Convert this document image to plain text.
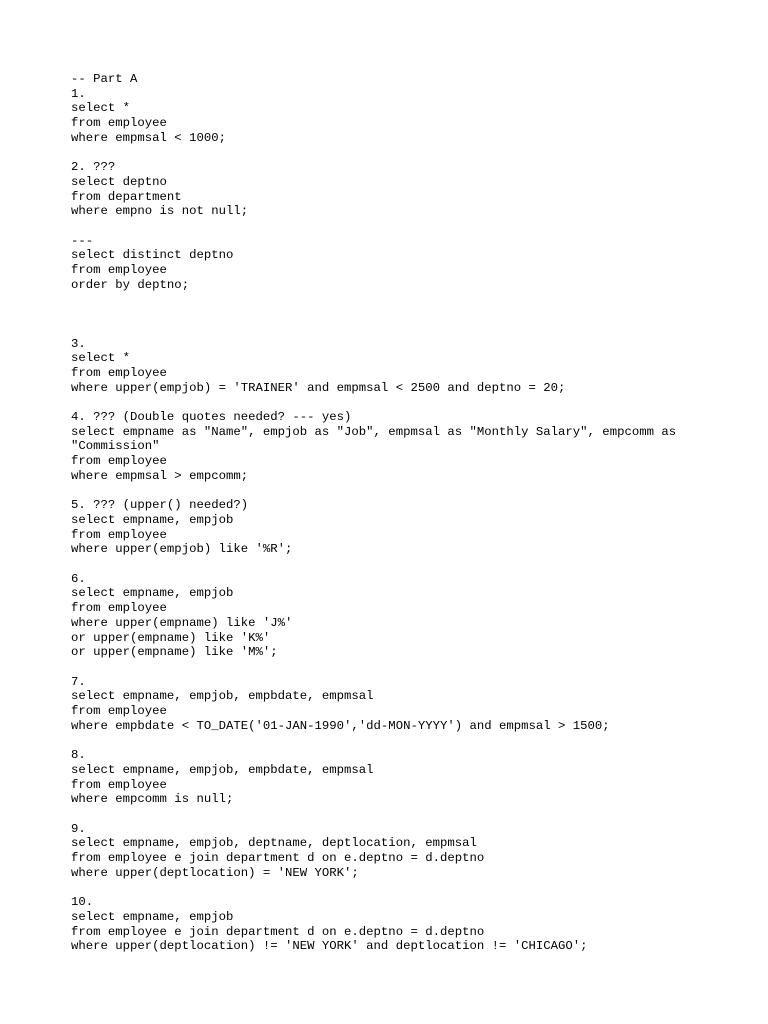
-- Part A
1.
select *
from employee
where empmsal < 1000;
2. ???
select deptno
from department
where empno is not null;
---
select distinct deptno
from employee
order by deptno;
3.
select *
from employee
where upper(empjob) = 'TRAINER' and empmsal < 2500 and deptno = 20;
4. ??? (Double quotes needed? --- yes)
select empname as "Name", empjob as "Job", empmsal as "Monthly Salary", empcomm as
"Commission"
from employee
where empmsal > empcomm;
5. ??? (upper() needed?)
select empname, empjob
from employee
where upper(empjob) like '%R';
6.
select empname, empjob
from employee
where upper(empname) like 'J%'
or upper(empname) like 'K%'
or upper(empname) like 'M%';
7.
select empname, empjob, empbdate, empmsal
from employee
where empbdate < TO_DATE('01-JAN-1990','dd-MON-YYYY') and empmsal > 1500;
8.
select empname, empjob, empbdate, empmsal
from employee
where empcomm is null;
9.
select empname, empjob, deptname, deptlocation, empmsal
from employee e join department d on e.deptno = d.deptno
where upper(deptlocation) = 'NEW YORK';
10.
select empname, empjob
from employee e join department d on e.deptno = d.deptno
where upper(deptlocation) != 'NEW YORK' and deptlocation != 'CHICAGO';
